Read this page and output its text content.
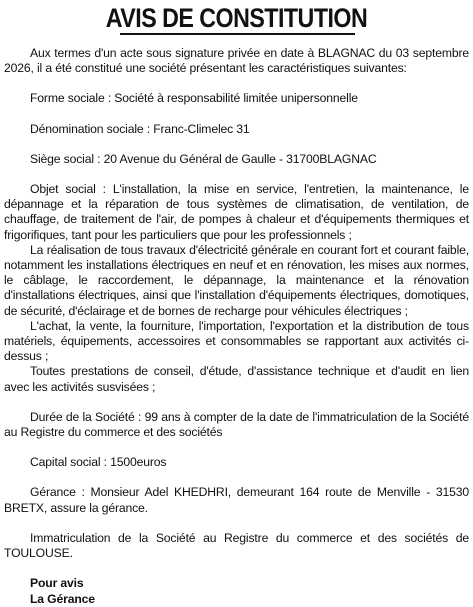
AVIS DE CONSTITUTION

Aux termes d'un acte sous signature privée en date à BLAGNAC du 03 septembre 2026, il a été constitué une société présentant les caractéristiques suivantes:

Forme sociale : Société à responsabilité limitée unipersonnelle

Dénomination sociale : Franc-Climelec 31

Siège social : 20 Avenue du Général de Gaulle - 31700BLAGNAC

Objet social : L'installation, la mise en service, l'entretien, la maintenance, le dépannage et la réparation de tous systèmes de climatisation, de ventilation, de chauffage, de traitement de l'air, de pompes à chaleur et d'équipements thermiques et frigorifiques, tant pour les particuliers que pour les professionnels ;

La réalisation de tous travaux d'électricité générale en courant fort et courant faible, notamment les installations électriques en neuf et en rénovation, les mises aux normes, le câblage, le raccordement, le dépannage, la maintenance et la rénovation d'installations électriques, ainsi que l'installation d'équipements électriques, domotiques, de sécurité, d'éclairage et de bornes de recharge pour véhicules électriques ;

L'achat, la vente, la fourniture, l'importation, l'exportation et la distribution de tous matériels, équipements, accessoires et consommables se rapportant aux activités ci-dessus ;

Toutes prestations de conseil, d'étude, d'assistance technique et d'audit en lien avec les activités susvisées ;

Durée de la Société : 99 ans à compter de la date de l'immatriculation de la Société au Registre du commerce et des sociétés

Capital social : 1500euros

Gérance : Monsieur Adel KHEDHRI, demeurant 164 route de Menville - 31530 BRETX, assure la gérance.

Immatriculation de la Société au Registre du commerce et des sociétés de TOULOUSE.

Pour avis

La Gérance
